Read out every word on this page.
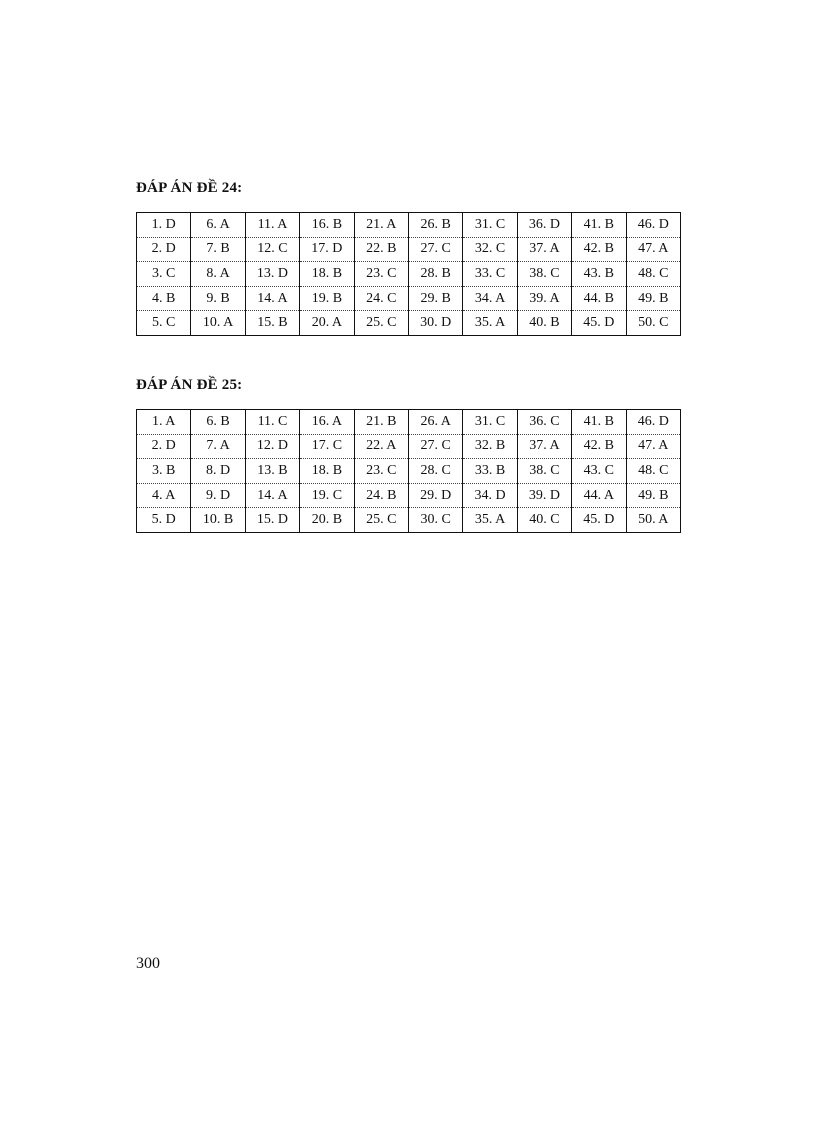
ĐÁP ÁN ĐỀ 24:
1. D	6. A	11. A	16. B	21. A	26. B	31. C	36. D	41. B	46. D
2. D	7. B	12. C	17. D	22. B	27. C	32. C	37. A	42. B	47. A
3. C	8. A	13. D	18. B	23. C	28. B	33. C	38. C	43. B	48. C
4. B	9. B	14. A	19. B	24. C	29. B	34. A	39. A	44. B	49. B
5. C	10. A	15. B	20. A	25. C	30. D	35. A	40. B	45. D	50. C
ĐÁP ÁN ĐỀ 25:
1. A	6. B	11. C	16. A	21. B	26. A	31. C	36. C	41. B	46. D
2. D	7. A	12. D	17. C	22. A	27. C	32. B	37. A	42. B	47. A
3. B	8. D	13. B	18. B	23. C	28. C	33. B	38. C	43. C	48. C
4. A	9. D	14. A	19. C	24. B	29. D	34. D	39. D	44. A	49. B
5. D	10. B	15. D	20. B	25. C	30. C	35. A	40. C	45. D	50. A
300
